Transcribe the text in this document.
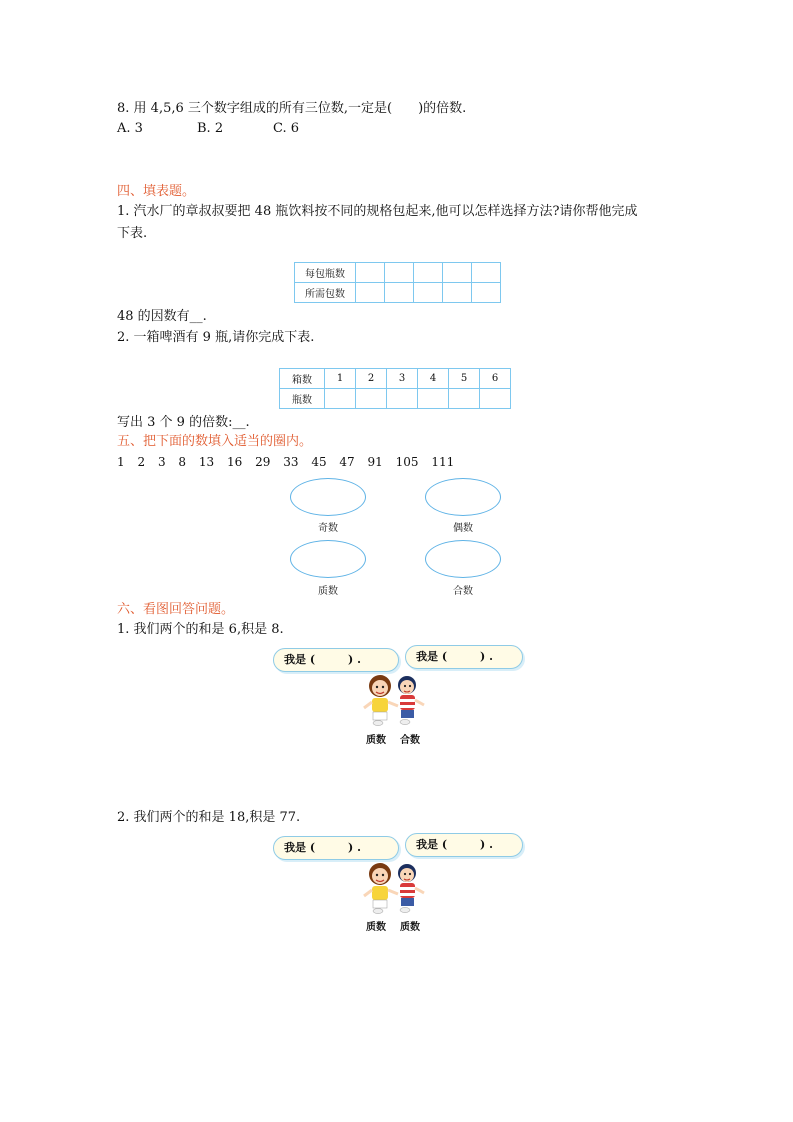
8. 用 4,5,6 三个数字组成的所有三位数,一定是(　　)的倍数.
A. 3	B. 2	C. 6
四、填表题。
1. 汽水厂的章叔叔要把 48 瓶饮料按不同的规格包起来,他可以怎样选择方法?请你帮他完成
下表.
每包瓶数					
所需包数					
48 的因数有__.
2. 一箱啤酒有 9 瓶,请你完成下表.
箱数	1	2	3	4	5	6
瓶数						
写出 3 个 9 的倍数:__.
五、把下面的数填入适当的圈内。
1 2 3 8 13 16 29 33 45 47 91 105 111
奇数	偶数
质数	合数
六、看图回答问题。
1. 我们两个的和是 6,积是 8.
我是 (　　　) .	我是 (　　　) .
质数 合数
2. 我们两个的和是 18,积是 77.
我是 (　　　) .	我是 (　　　) .
质数 质数
